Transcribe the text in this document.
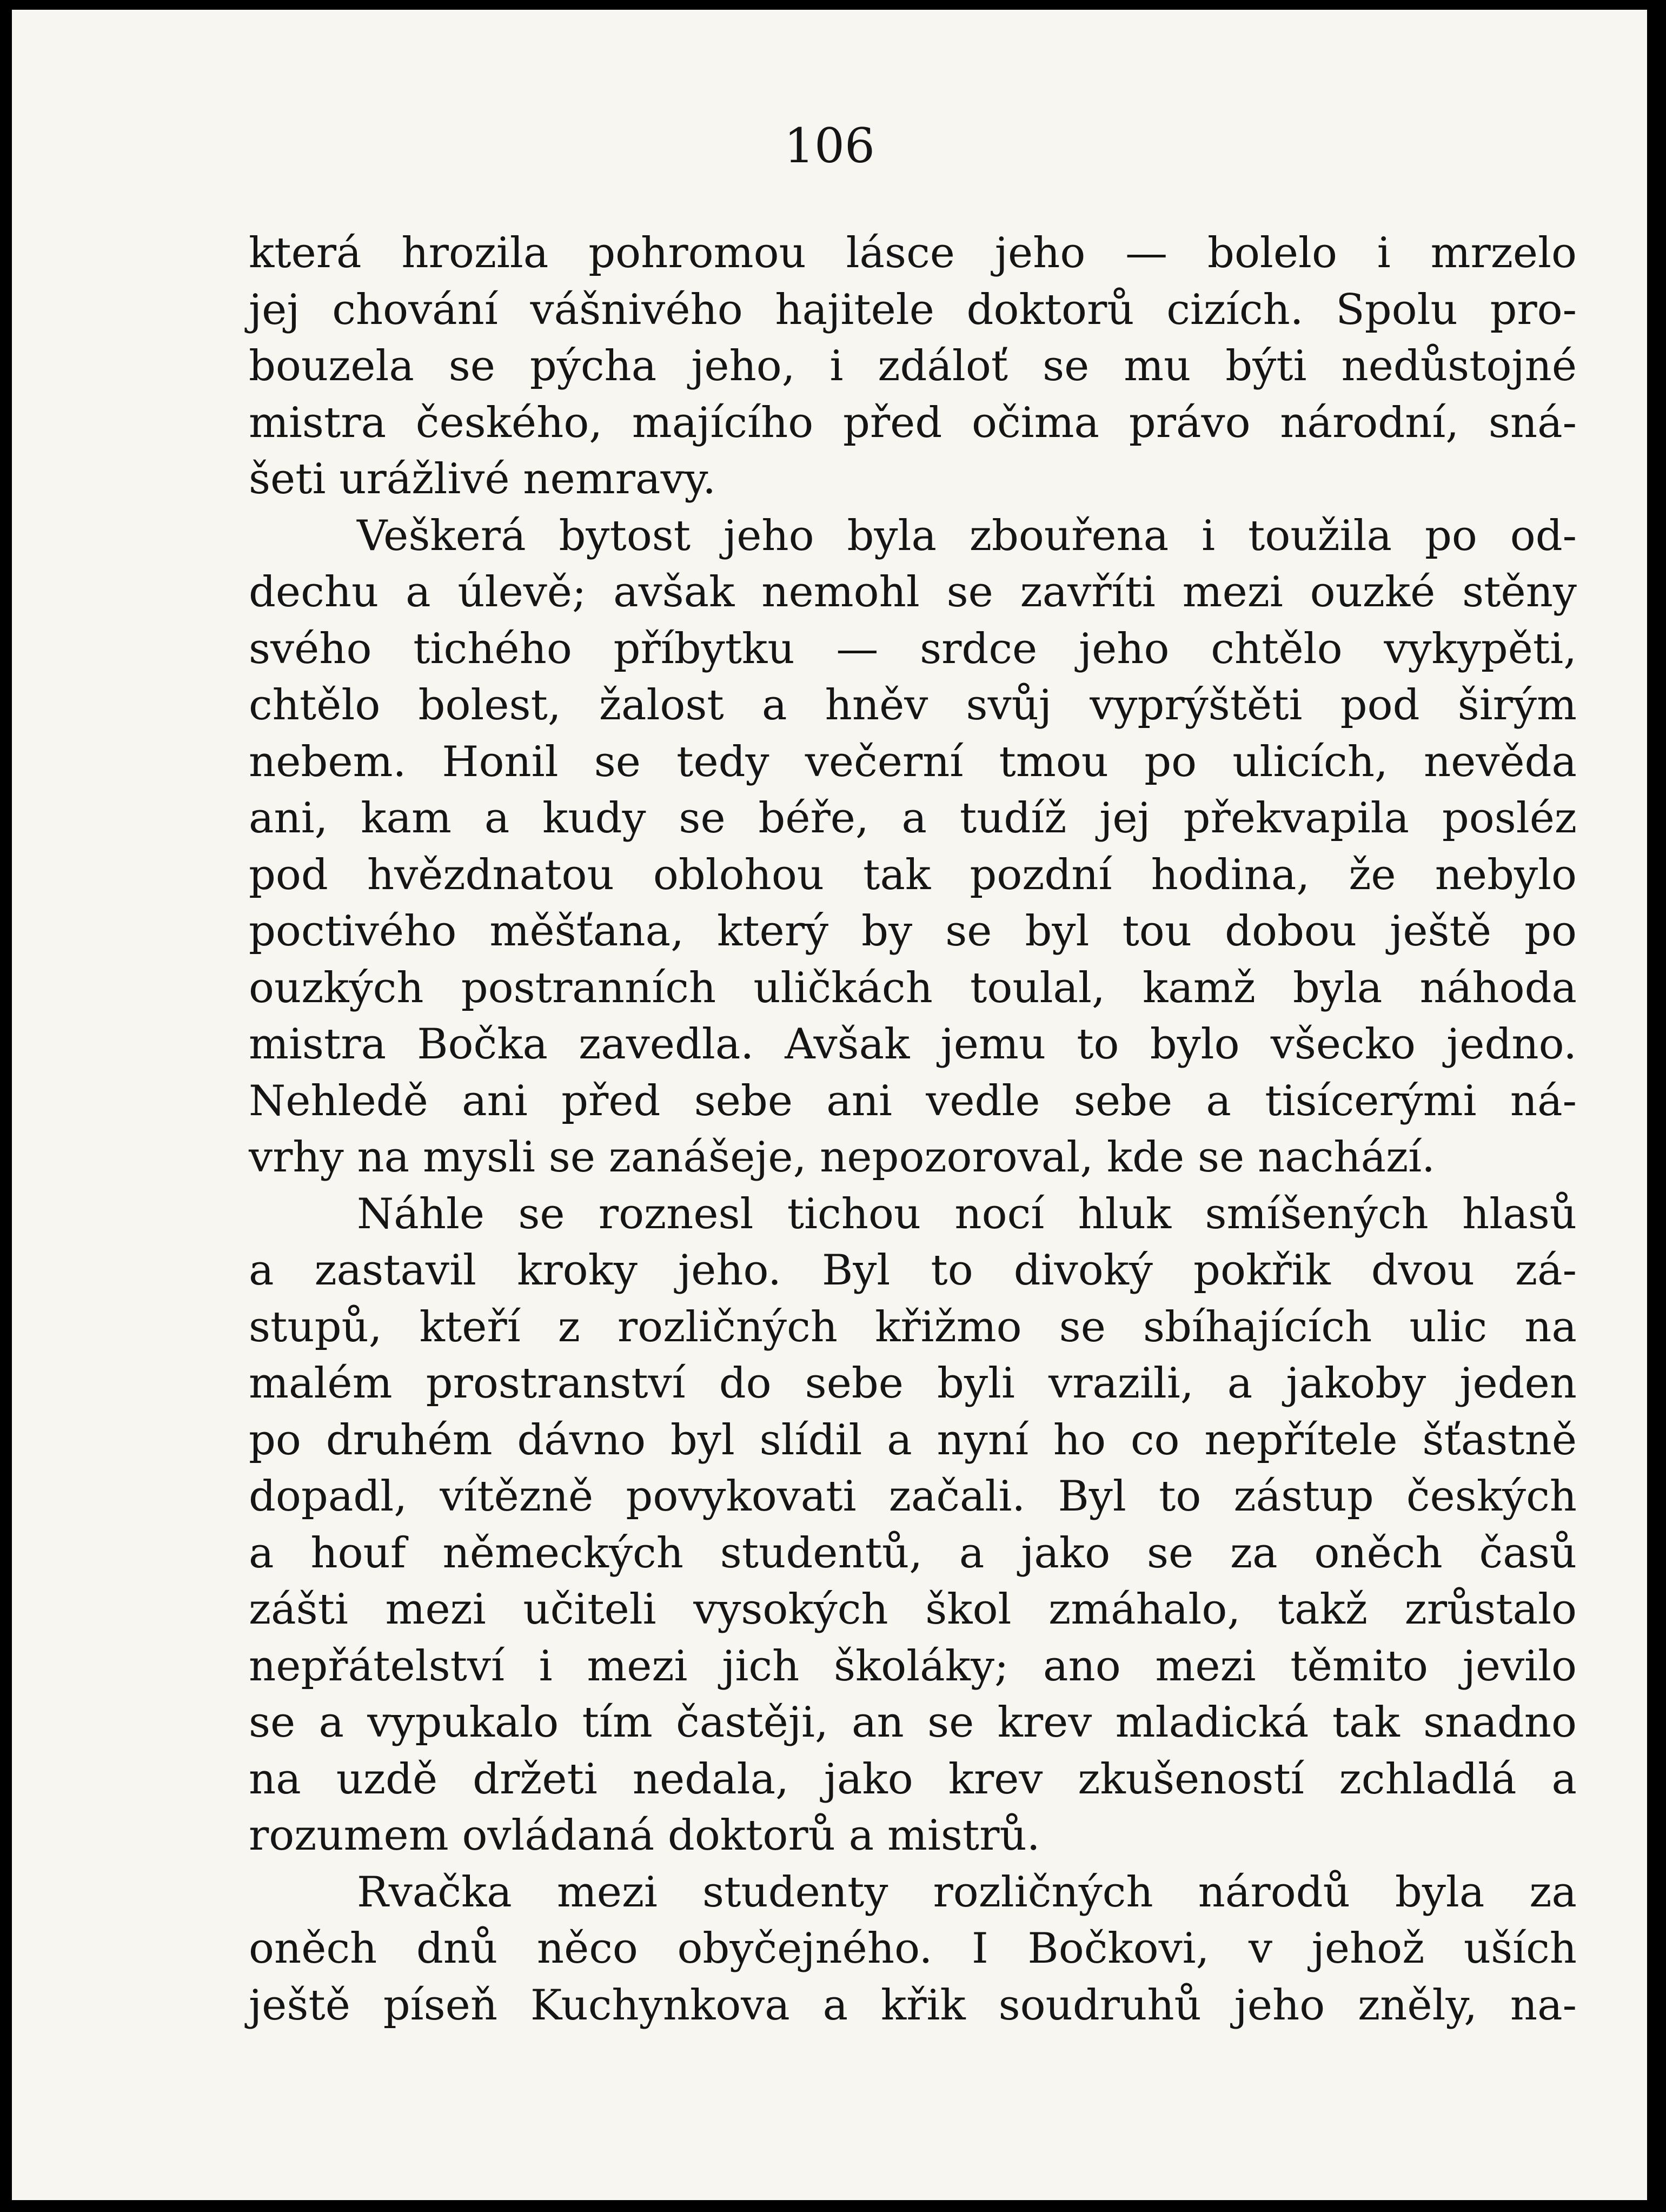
106
která hrozila pohromou lásce jeho — bolelo i mrzelo
jej chování vášnivého hajitele doktorů cizích. Spolu pro-
bouzela se pýcha jeho, i zdáloť se mu býti nedůstojné
mistra českého, majícího před očima právo národní, sná-
šeti urážlivé nemravy.
Veškerá bytost jeho byla zbouřena i toužila po od-
dechu a úlevě; avšak nemohl se zavříti mezi ouzké stěny
svého tichého příbytku — srdce jeho chtělo vykypěti,
chtělo bolest, žalost a hněv svůj vyprýštěti pod širým
nebem. Honil se tedy večerní tmou po ulicích, nevěda
ani, kam a kudy se béře, a tudíž jej překvapila posléz
pod hvězdnatou oblohou tak pozdní hodina, že nebylo
poctivého měšťana, který by se byl tou dobou ještě po
ouzkých postranních uličkách toulal, kamž byla náhoda
mistra Bočka zavedla. Avšak jemu to bylo všecko jedno.
Nehledě ani před sebe ani vedle sebe a tisícerými ná-
vrhy na mysli se zanášeje, nepozoroval, kde se nachází.
Náhle se roznesl tichou nocí hluk smíšených hlasů
a zastavil kroky jeho. Byl to divoký pokřik dvou zá-
stupů, kteří z rozličných křižmo se sbíhajících ulic na
malém prostranství do sebe byli vrazili, a jakoby jeden
po druhém dávno byl slídil a nyní ho co nepřítele šťastně
dopadl, vítězně povykovati začali. Byl to zástup českých
a houf německých studentů, a jako se za oněch časů
zášti mezi učiteli vysokých škol zmáhalo, takž zrůstalo
nepřátelství i mezi jich školáky; ano mezi těmito jevilo
se a vypukalo tím častěji, an se krev mladická tak snadno
na uzdě držeti nedala, jako krev zkušeností zchladlá a
rozumem ovládaná doktorů a mistrů.
Rvačka mezi studenty rozličných národů byla za
oněch dnů něco obyčejného. I Bočkovi, v jehož uších
ještě píseň Kuchynkova a křik soudruhů jeho zněly, na-
